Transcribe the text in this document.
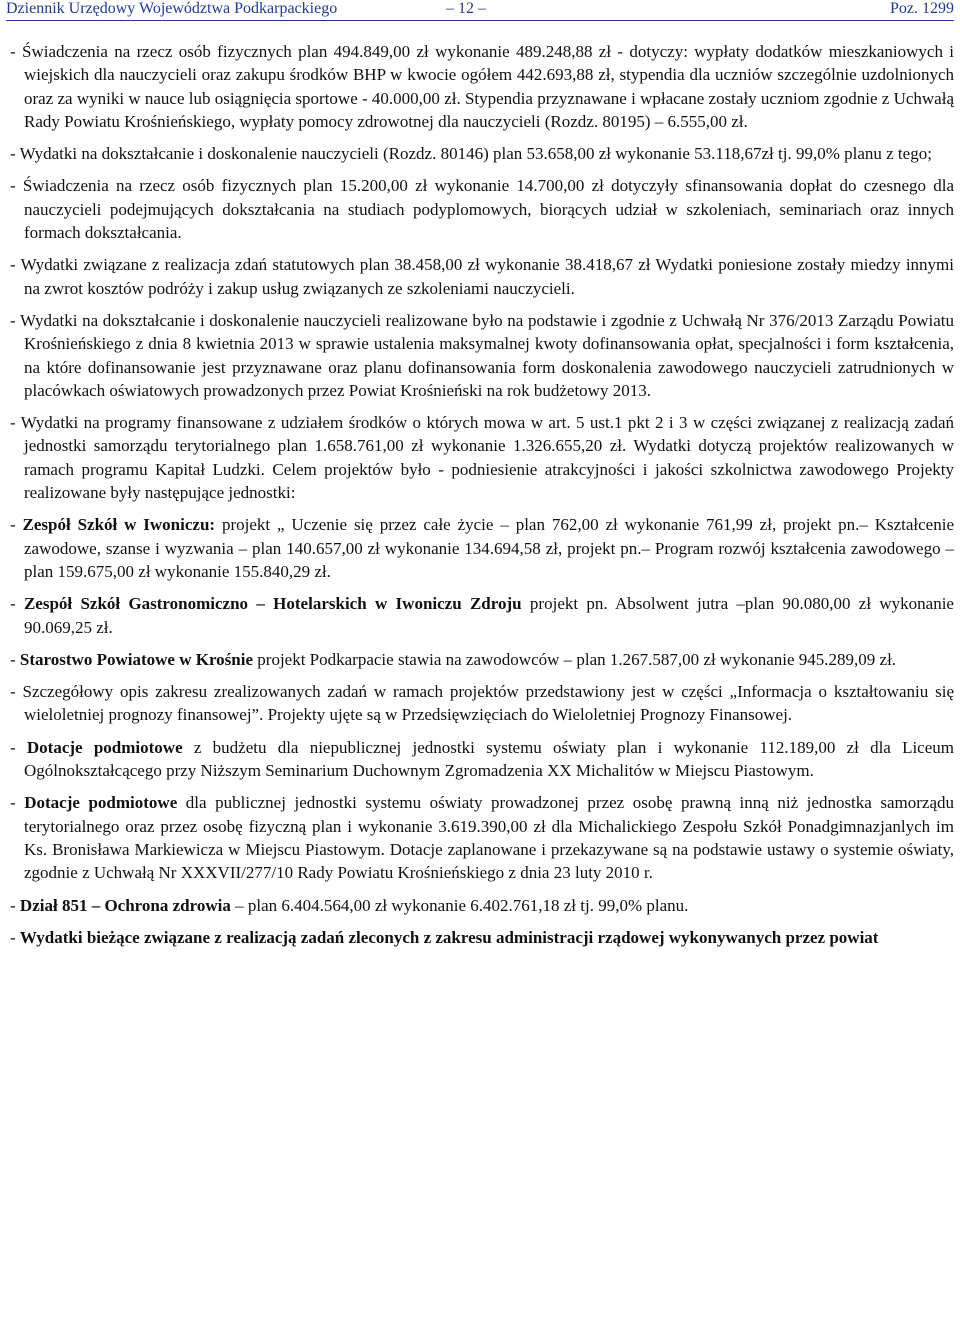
Dziennik Urzędowy Województwa Podkarpackiego	– 12 –	Poz. 1299

- Świadczenia na rzecz osób fizycznych plan 494.849,00 zł wykonanie 489.248,88 zł - dotyczy: wypłaty dodatków mieszkaniowych i wiejskich dla nauczycieli oraz zakupu środków BHP w kwocie ogółem 442.693,88 zł, stypendia dla uczniów szczególnie uzdolnionych oraz za wyniki w nauce lub osiągnięcia sportowe - 40.000,00 zł. Stypendia przyznawane i wpłacane zostały uczniom zgodnie z Uchwałą Rady Powiatu Krośnieńskiego, wypłaty pomocy zdrowotnej dla nauczycieli (Rozdz. 80195) – 6.555,00 zł.

- Wydatki na dokształcanie i doskonalenie nauczycieli (Rozdz. 80146) plan 53.658,00 zł wykonanie 53.118,67zł tj. 99,0% planu z tego;

- Świadczenia na rzecz osób fizycznych plan 15.200,00 zł wykonanie 14.700,00 zł dotyczyły sfinansowania dopłat do czesnego dla nauczycieli podejmujących dokształcania na studiach podyplomowych, biorących udział w szkoleniach, seminariach oraz innych formach dokształcania.

- Wydatki związane z realizacja zdań statutowych plan 38.458,00 zł wykonanie 38.418,67 zł Wydatki poniesione zostały miedzy innymi na zwrot kosztów podróży i zakup usług związanych ze szkoleniami nauczycieli.

- Wydatki na dokształcanie i doskonalenie nauczycieli realizowane było na podstawie i zgodnie z Uchwałą Nr 376/2013 Zarządu Powiatu Krośnieńskiego z dnia 8 kwietnia 2013 w sprawie ustalenia maksymalnej kwoty dofinansowania opłat, specjalności i form kształcenia, na które dofinansowanie jest przyznawane oraz planu dofinansowania form doskonalenia zawodowego nauczycieli zatrudnionych w placówkach oświatowych prowadzonych przez Powiat Krośnieński na rok budżetowy 2013.

- Wydatki na programy finansowane z udziałem środków o których mowa w art. 5 ust.1 pkt 2 i 3 w części związanej z realizacją zadań jednostki samorządu terytorialnego plan 1.658.761,00 zł wykonanie 1.326.655,20 zł. Wydatki dotyczą projektów realizowanych w ramach programu Kapitał Ludzki. Celem projektów było - podniesienie atrakcyjności i jakości szkolnictwa zawodowego Projekty realizowane były następujące jednostki:

- Zespół Szkół w Iwoniczu: projekt „ Uczenie się przez całe życie – plan 762,00 zł wykonanie 761,99 zł, projekt pn.– Kształcenie zawodowe, szanse i wyzwania – plan 140.657,00 zł wykonanie 134.694,58 zł, projekt pn.– Program rozwój kształcenia zawodowego – plan 159.675,00 zł wykonanie 155.840,29 zł.

- Zespół Szkół Gastronomiczno – Hotelarskich w Iwoniczu Zdroju projekt pn. Absolwent jutra –plan 90.080,00 zł wykonanie 90.069,25 zł.

- Starostwo Powiatowe w Krośnie projekt Podkarpacie stawia na zawodowców – plan 1.267.587,00 zł wykonanie 945.289,09 zł.

- Szczegółowy opis zakresu zrealizowanych zadań w ramach projektów przedstawiony jest w części „Informacja o kształtowaniu się wieloletniej prognozy finansowej”. Projekty ujęte są w Przedsięwzięciach do Wieloletniej Prognozy Finansowej.

- Dotacje podmiotowe z budżetu dla niepublicznej jednostki systemu oświaty plan i wykonanie 112.189,00 zł dla Liceum Ogólnokształcącego przy Niższym Seminarium Duchownym Zgromadzenia XX Michalitów w Miejscu Piastowym.

- Dotacje podmiotowe dla publicznej jednostki systemu oświaty prowadzonej przez osobę prawną inną niż jednostka samorządu terytorialnego oraz przez osobę fizyczną plan i wykonanie 3.619.390,00 zł dla Michalickiego Zespołu Szkół Ponadgimnazjanlych im Ks. Bronisława Markiewicza w Miejscu Piastowym. Dotacje zaplanowane i przekazywane są na podstawie ustawy o systemie oświaty, zgodnie z Uchwałą Nr XXXVII/277/10 Rady Powiatu Krośnieńskiego z dnia 23 luty 2010 r.

- Dział 851 – Ochrona zdrowia – plan 6.404.564,00 zł wykonanie 6.402.761,18 zł tj. 99,0% planu.

- Wydatki bieżące związane z realizacją zadań zleconych z zakresu administracji rządowej wykonywanych przez powiat
